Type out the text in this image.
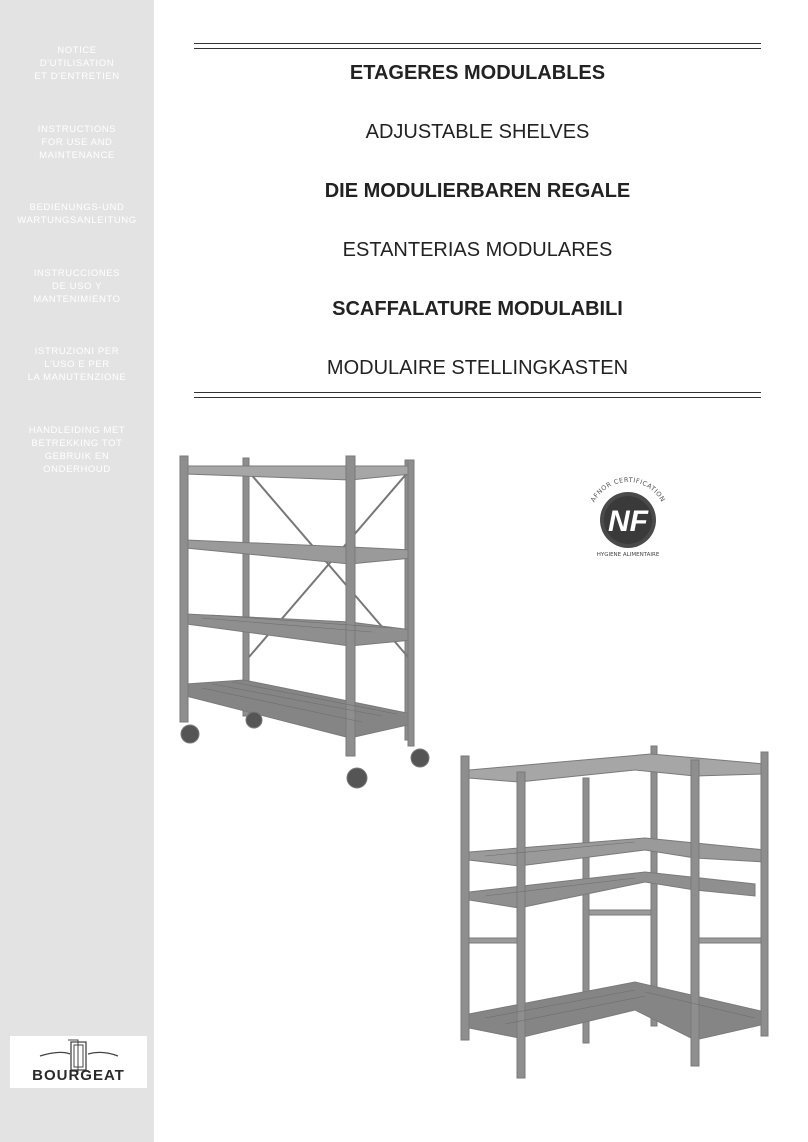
NOTICE
D'UTILISATION
ET D'ENTRETIEN
INSTRUCTIONS
FOR USE AND
MAINTENANCE
BEDIENUNGS-UND
WARTUNGSANLEITUNG
INSTRUCCIONES
DE USO Y
MANTENIMIENTO
ISTRUZIONI PER
L'USO E PER
LA MANUTENZIONE
HANDLEIDING MET
BETREKKING TOT
GEBRUIK EN
ONDERHOUD
BOURGEAT
ETAGERES MODULABLES
ADJUSTABLE SHELVES
DIE MODULIERBAREN REGALE
ESTANTERIAS MODULARES
SCAFFALATURE MODULABILI
MODULAIRE STELLINGKASTEN
AFNOR CERTIFICATION
NF
HYGIENE ALIMENTAIRE
